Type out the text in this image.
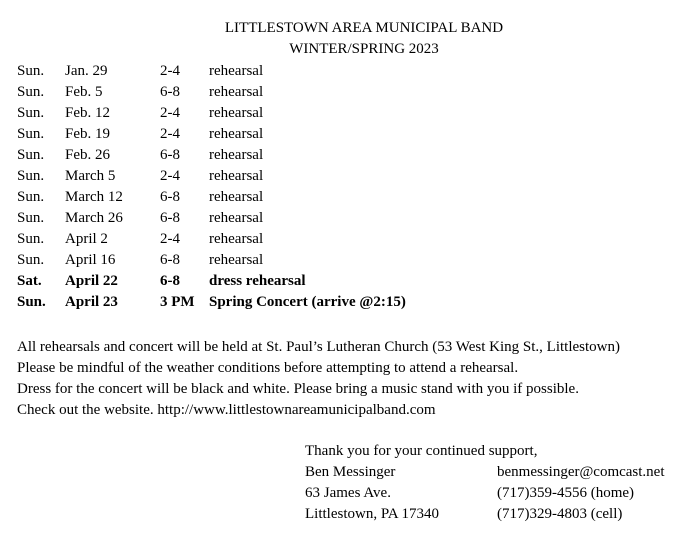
LITTLESTOWN AREA MUNICIPAL BAND
WINTER/SPRING 2023
Sun. Jan. 29	2-4 rehearsal
Sun. Feb. 5	6-8 rehearsal
Sun. Feb. 12	2-4 rehearsal
Sun. Feb. 19	2-4 rehearsal
Sun. Feb. 26	6-8 rehearsal
Sun. March 5	2-4 rehearsal
Sun. March 12 6-8 rehearsal
Sun. March 26 6-8 rehearsal
Sun. April 2	2-4 rehearsal
Sun. April 16	6-8 rehearsal
Sat. April 22	6-8 dress rehearsal
Sun. April 23	3 PM Spring Concert (arrive @2:15)
All rehearsals and concert will be held at St. Paul’s Lutheran Church (53 West King St., Littlestown)
Please be mindful of the weather conditions before attempting to attend a rehearsal.
Dress for the concert will be black and white. Please bring a music stand with you if possible.
Check out the website. http://www.littlestownareamunicipalband.com
Thank you for your continued support,
Ben Messinger	benmessinger@comcast.net
63 James Ave.	(717)359-4556 (home)
Littlestown, PA 17340	(717)329-4803 (cell)
